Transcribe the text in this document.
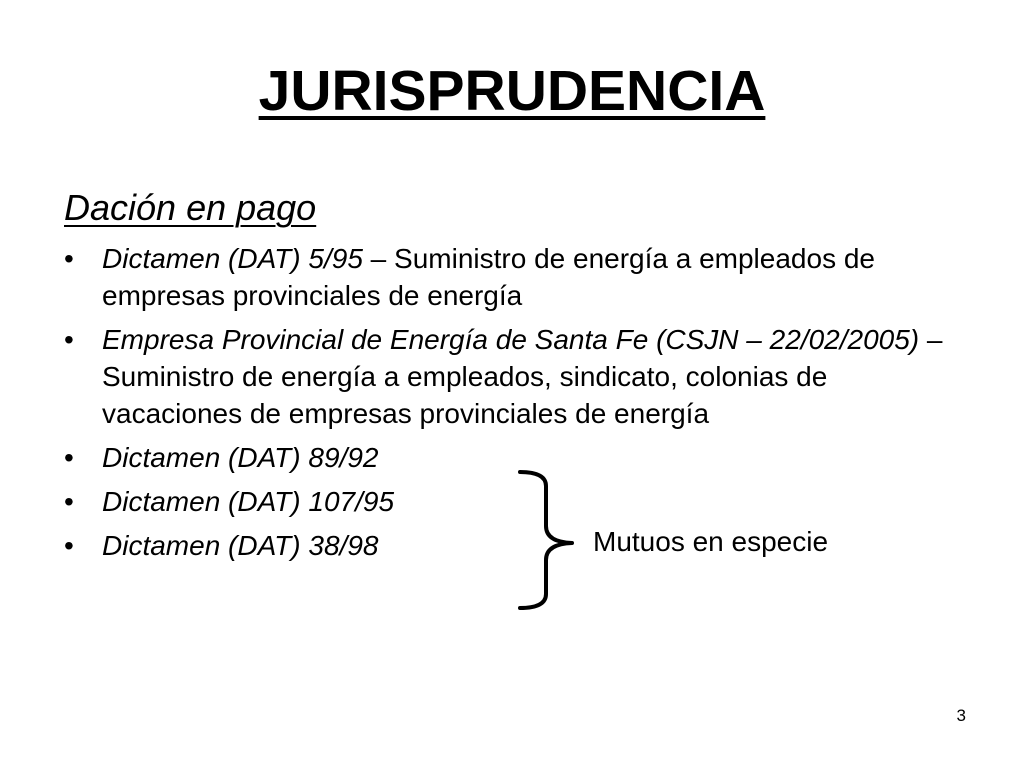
JURISPRUDENCIA
Dación en pago
•	Dictamen (DAT) 5/95 – Suministro de energía a empleados de empresas provinciales de energía
•	Empresa Provincial de Energía de Santa Fe (CSJN – 22/02/2005) – Suministro de energía a empleados, sindicato, colonias de vacaciones de empresas provinciales de energía
•	Dictamen (DAT) 89/92
•	Dictamen (DAT) 107/95
•	Dictamen (DAT) 38/98	Mutuos en especie
3
